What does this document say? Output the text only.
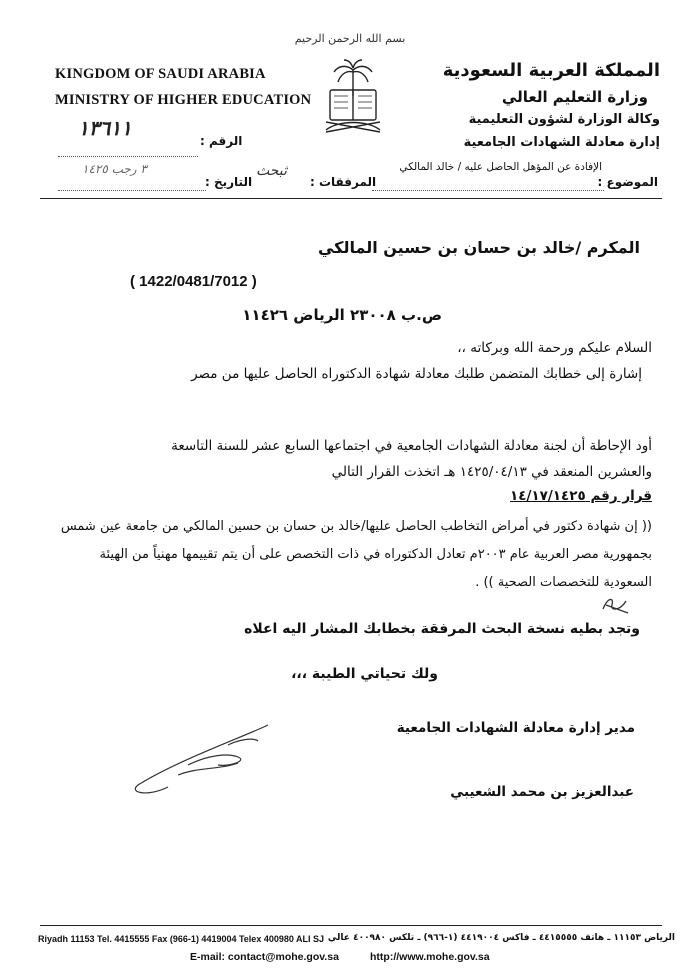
بسم الله الرحمن الرحيم
KINGDOM OF SAUDI ARABIA
MINISTRY OF HIGHER EDUCATION
المملكة العربية السعودية
وزارة التعليم العالي
وكالة الوزارة لشؤون التعليمية
إدارة معادلة الشهادات الجامعية
الرقم :
١٣٦١١
التاريخ :
٣ رجب ١٤٢٥
المرفقات :
ثبحث	الإفادة عن المؤهل الحاصل عليه / خالد المالكي
الموضوع :
المكرم /خالد بن حسان بن حسين المالكي
( 1422/0481/7012 )
ص.ب ٢٣٠٠٨ الرياض ١١٤٢٦
السلام عليكم ورحمة الله وبركاته ،،
إشارة إلى خطابك المتضمن طلبك معادلة شهادة الدكتوراه الحاصل عليها من مصر
أود الإحاطة أن لجنة معادلة الشهادات الجامعية في اجتماعها السابع عشر للسنة التاسعة
والعشرين المنعقد في ١٤٢٥/٠٤/١٣ هـ اتخذت القرار التالي
قرار رقم ١٤/١٧/١٤٢٥
(( إن شهادة دكتور في أمراض التخاطب الحاصل عليها/خالد بن حسان بن حسين المالكي من جامعة عين شمس
بجمهورية مصر العربية عام ٢٠٠٣م تعادل الدكتوراه في ذات التخصص على أن يتم تقييمها مهنياً من الهيئة
السعودية للتخصصات الصحية )) .
وتجد بطيه نسخة البحث المرفقة بخطابك المشار اليه اعلاه
ولك تحياتي الطيبة ،،،
مدير إدارة معادلة الشهادات الجامعية
عبدالعزيز بن محمد الشعيبي
Riyadh 11153 Tel. 4415555 Fax (966-1) 4419004 Telex 400980 ALI SJ الرياض ١١١٥٣ ـ هاتف ٤٤١٥٥٥٥ ـ فاكس ٤٤١٩٠٠٤ (١-٩٦٦) ـ تلكس ٤٠٠٩٨٠ عالي
E-mail: contact@mohe.gov.sa	http://www.mohe.gov.sa
